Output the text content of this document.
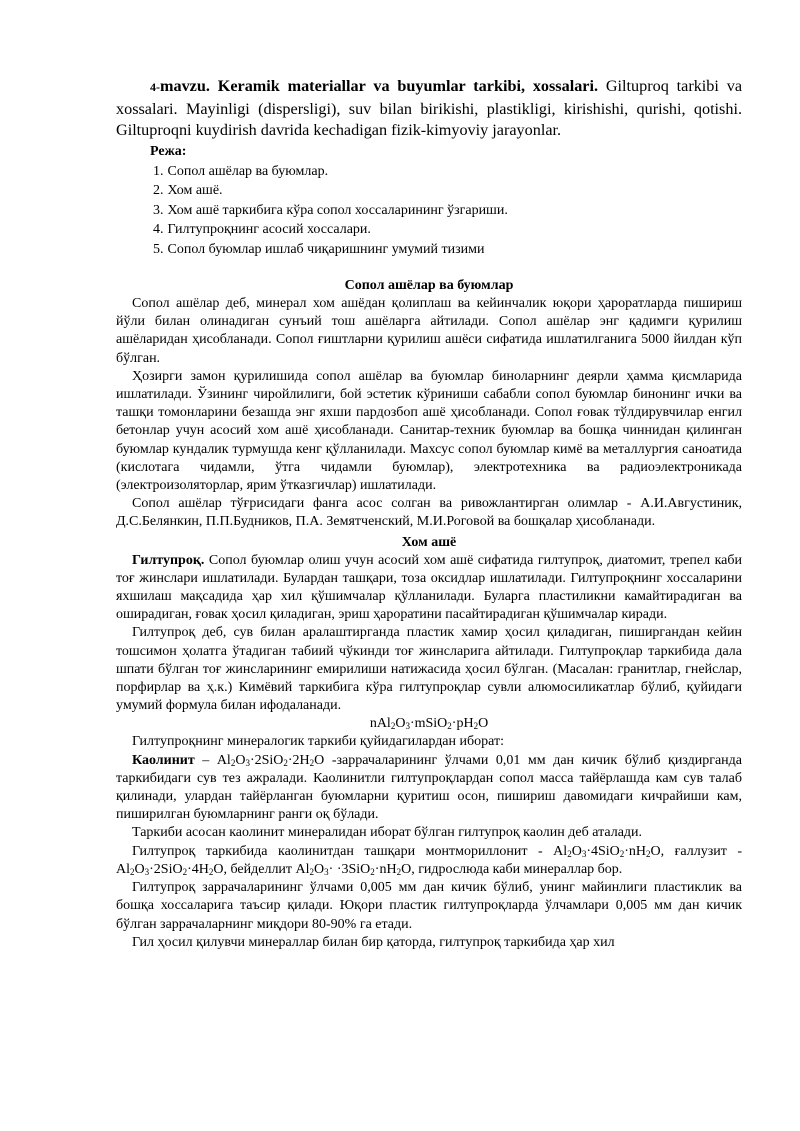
4-mavzu. Keramik materiallar va buyumlar tarkibi, xossalari. Giltuproq tarkibi va xossalari. Mayinligi (dispersligi), suv bilan birikishi, plastikligi, kirishishi, qurishi, qotishi. Giltuproqni kuydirish davrida kechadigan fizik-kimyoviy jarayonlar.

Режа:
1. Сопол ашёлар ва буюмлар.
2. Хом ашё.
3. Хом ашё таркибига кўра сопол хоссаларининг ўзгариши.
4. Гилтупроқнинг асосий хоссалари.
5. Сопол буюмлар ишлаб чиқаришнинг умумий тизими
Сопол ашёлар ва буюмлар

Сопол ашёлар деб, минерал хом ашёдан қолиплаш ва кейинчалик юқори ҳароратларда пишириш йўли билан олинадиган сунъий тош ашёларга айтилади. Сопол ашёлар энг қадимги қурилиш ашёларидан ҳисобланади. Сопол ғиштларни қурилиш ашёси сифатида ишлатилганига 5000 йилдан кўп бўлган.

Ҳозирги замон қурилишида сопол ашёлар ва буюмлар биноларнинг деярли ҳамма қисмларида ишлатилади. Ўзининг чиройлилиги, бой эстетик кўриниши сабабли сопол буюмлар бинонинг ички ва ташқи томонларини безашда энг яхши пардозбоп ашё ҳисобланади. Сопол ғовак тўлдирувчилар енгил бетонлар учун асосий хом ашё ҳисобланади. Санитар-техник буюмлар ва бошқа чиннидан қилинган буюмлар кундалик турмушда кенг қўлланилади. Махсус сопол буюмлар кимё ва металлургия саноатида (кислотага чидамли, ўтга чидамли буюмлар), электротехника ва радиоэлектроникада (электроизоляторлар, ярим ўтказгичлар) ишлатилади.

Сопол ашёлар тўғрисидаги фанга асос солган ва ривожлантирган олимлар - А.И.Августиник, Д.С.Белянкин, П.П.Будников, П.А. Земятченский, М.И.Роговой ва бошқалар ҳисобланади.

Хом ашё

Гилтупроқ. Сопол буюмлар олиш учун асосий хом ашё сифатида гилтупроқ, диатомит, трепел каби тоғ жинслари ишлатилади. Булардан ташқари, тоза оксидлар ишлатилади. Гилтупроқнинг хоссаларини яхшилаш мақсадида ҳар хил қўшимчалар қўлланилади. Буларга пластиликни камайтирадиган ва оширадиган, ғовак ҳосил қиладиган, эриш ҳароратини пасайтирадиган қўшимчалар киради.

Гилтупроқ деб, сув билан аралаштирганда пластик хамир ҳосил қиладиган, пиширгандан кейин тошсимон ҳолатга ўтадиган табиий чўкинди тоғ жинсларига айтилади. Гилтупроқлар таркибида дала шпати бўлган тоғ жинсларининг емирилиши натижасида ҳосил бўлган. (Масалан: гранитлар, гнейслар, порфирлар ва ҳ.к.) Кимёвий таркибига кўра гилтупроқлар сувли алюмосиликатлар бўлиб, қуйидаги умумий формула билан ифодаланади.

$nAl_2O_3\cdot mSiO_2\cdot pH_2O$

Гилтупроқнинг минералогик таркиби қуйидагилардан иборат:

Каолинит – $Al_2O_3\cdot 2SiO_2\cdot 2H_2O$ -заррачаларининг ўлчами 0,01 мм дан кичик бўлиб қиздирганда таркибидаги сув тез ажралади. Каолинитли гилтупроқлардан сопол масса тайёрлашда кам сув талаб қилинади, улардан тайёрланган буюмларни қуритиш осон, пишириш давомидаги кичрайиши кам, пиширилган буюмларнинг ранги оқ бўлади.

Таркиби асосан каолинит минералидан иборат бўлган гилтупроқ каолин деб аталади.

Гилтупроқ таркибида каолинитдан ташқари монтмориллонит - $Al_2O_3\cdot 4SiO_2\cdot nH_2O$, ғаллузит - $Al_2O_3\cdot 2SiO_2\cdot 4H_2O$, бейделлит $Al_2O_3\cdot \cdot 3SiO_2\cdot nH_2O$, гидрослюда каби минераллар бор.

Гилтупроқ заррачаларининг ўлчами 0,005 мм дан кичик бўлиб, унинг майинлиги пластиклик ва бошқа хоссаларига таъсир қилади. Юқори пластик гилтупроқларда ўлчамлари 0,005 мм дан кичик бўлган заррачаларнинг миқдори 80-90% га етади.

Гил ҳосил қилувчи минераллар билан бир қаторда, гилтупроқ таркибида ҳар хил
